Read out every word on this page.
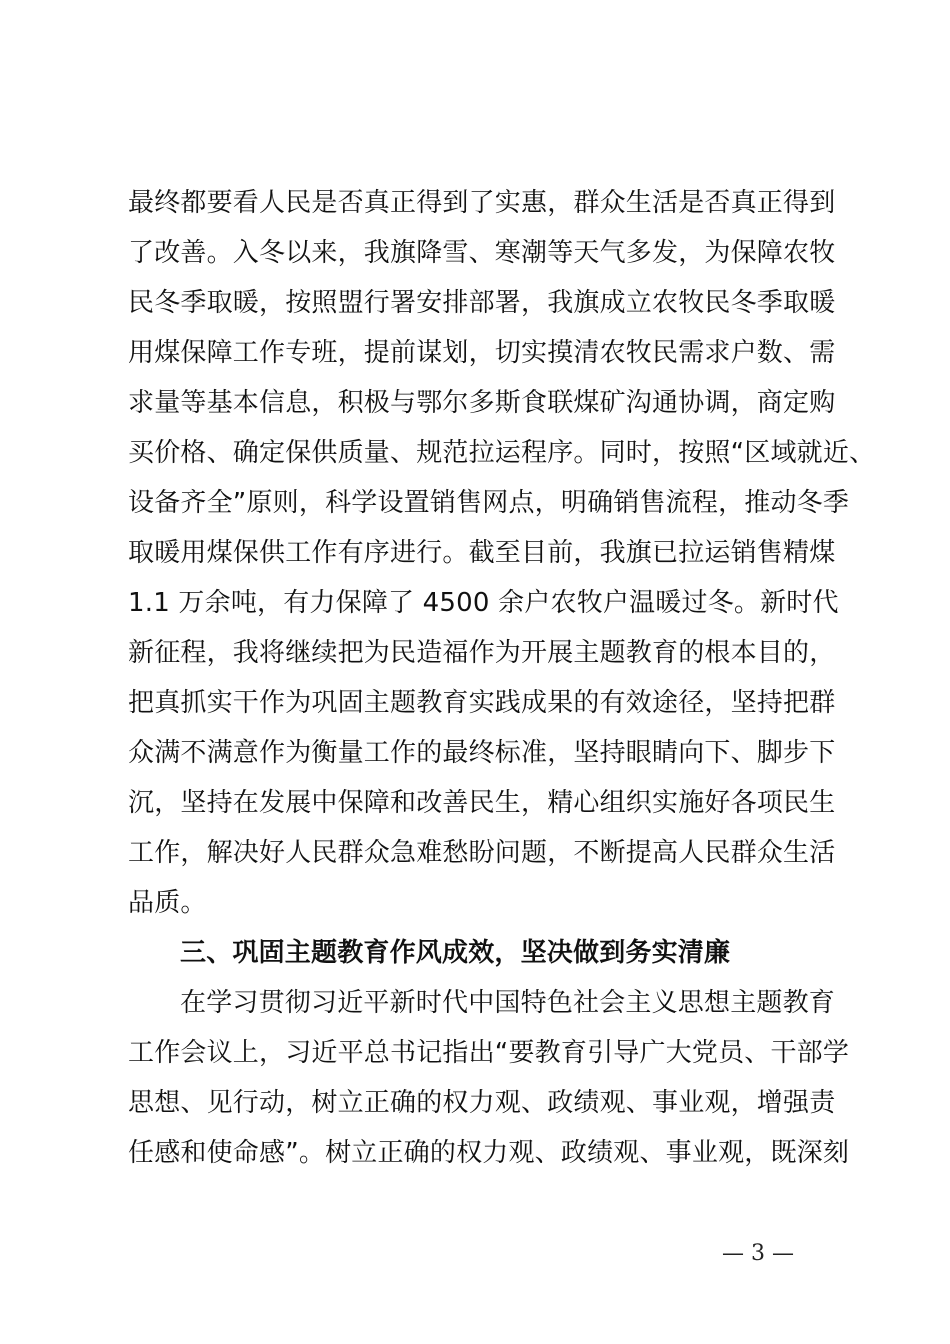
最终都要看人民是否真正得到了实惠，群众生活是否真正得到
了改善。入冬以来，我旗降雪、寒潮等天气多发，为保障农牧
民冬季取暖，按照盟行署安排部署，我旗成立农牧民冬季取暖
用煤保障工作专班，提前谋划，切实摸清农牧民需求户数、需
求量等基本信息，积极与鄂尔多斯食联煤矿沟通协调，商定购
买价格、确定保供质量、规范拉运程序。同时，按照“区域就近、
设备齐全”原则，科学设置销售网点，明确销售流程，推动冬季
取暖用煤保供工作有序进行。截至目前，我旗已拉运销售精煤
1.1 万余吨，有力保障了 4500 余户农牧户温暖过冬。新时代
新征程，我将继续把为民造福作为开展主题教育的根本目的，
把真抓实干作为巩固主题教育实践成果的有效途径，坚持把群
众满不满意作为衡量工作的最终标准，坚持眼睛向下、脚步下
沉，坚持在发展中保障和改善民生，精心组织实施好各项民生
工作，解决好人民群众急难愁盼问题，不断提高人民群众生活
品质。
三、巩固主题教育作风成效，坚决做到务实清廉
在学习贯彻习近平新时代中国特色社会主义思想主题教育
工作会议上，习近平总书记指出“要教育引导广大党员、干部学
思想、见行动，树立正确的权力观、政绩观、事业观，增强责
任感和使命感”。树立正确的权力观、政绩观、事业观，既深刻
— 3 —
